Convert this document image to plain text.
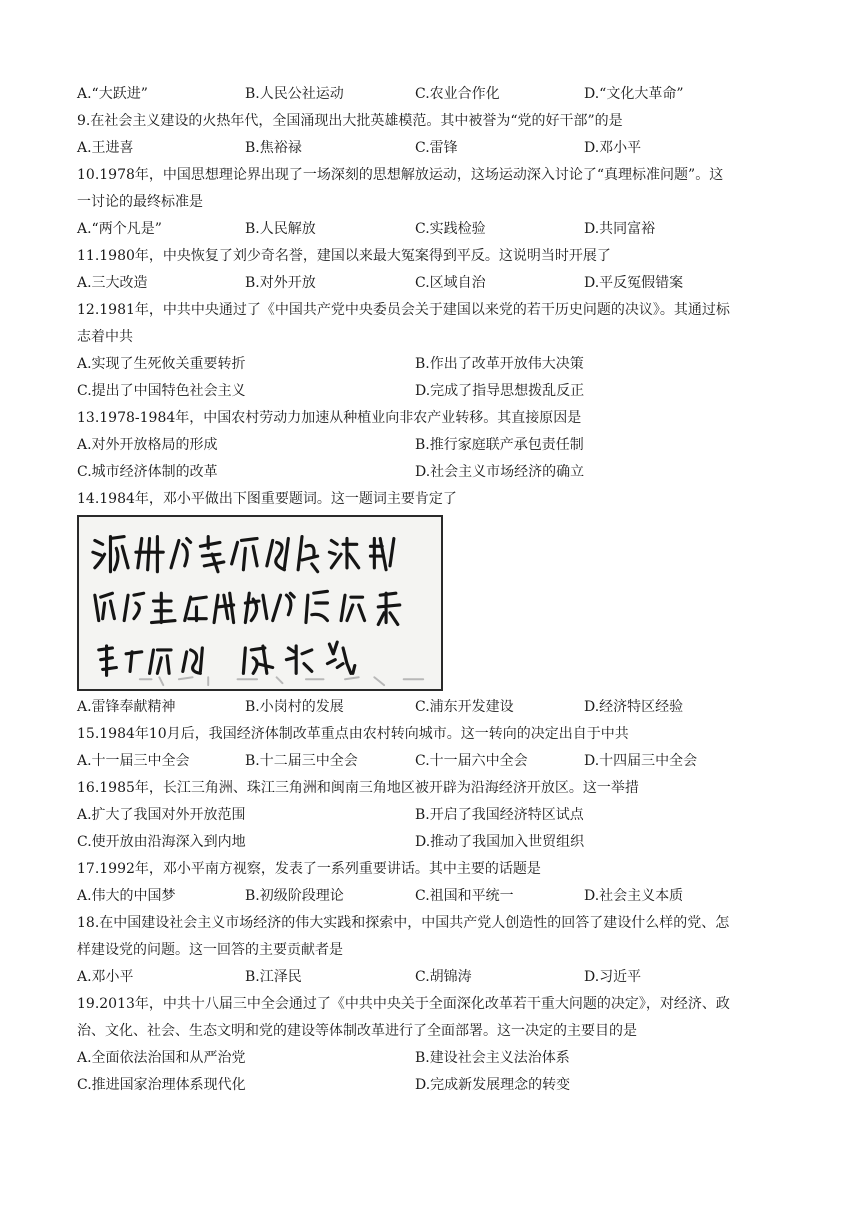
A.“大跃进”	B.人民公社运动	C.农业合作化	D.“文化大革命”
9.在社会主义建设的火热年代，全国涌现出大批英雄模范。其中被誉为“党的好干部”的是
A.王进喜	B.焦裕禄	C.雷锋	D.邓小平
10.1978年，中国思想理论界出现了一场深刻的思想解放运动，这场运动深入讨论了“真理标准问题”。这
一讨论的最终标准是
A.“两个凡是”	B.人民解放	C.实践检验	D.共同富裕
11.1980年，中央恢复了刘少奇名誉，建国以来最大冤案得到平反。这说明当时开展了
A.三大改造	B.对外开放	C.区域自治	D.平反冤假错案
12.1981年，中共中央通过了《中国共产党中央委员会关于建国以来党的若干历史问题的决议》。其通过标
志着中共
A.实现了生死攸关重要转折	B.作出了改革开放伟大决策
C.提出了中国特色社会主义	D.完成了指导思想拨乱反正
13.1978-1984年，中国农村劳动力加速从种植业向非农产业转移。其直接原因是
A.对外开放格局的形成	B.推行家庭联产承包责任制
C.城市经济体制的改革	D.社会主义市场经济的确立
14.1984年，邓小平做出下图重要题词。这一题词主要肯定了
A.雷锋奉献精神	B.小岗村的发展	C.浦东开发建设	D.经济特区经验
15.1984年10月后，我国经济体制改革重点由农村转向城市。这一转向的决定出自于中共
A.十一届三中全会	B.十二届三中全会	C.十一届六中全会	D.十四届三中全会
16.1985年，长江三角洲、珠江三角洲和闽南三角地区被开辟为沿海经济开放区。这一举措
A.扩大了我国对外开放范围	B.开启了我国经济特区试点
C.使开放由沿海深入到内地	D.推动了我国加入世贸组织
17.1992年，邓小平南方视察，发表了一系列重要讲话。其中主要的话题是
A.伟大的中国梦	B.初级阶段理论	C.祖国和平统一	D.社会主义本质
18.在中国建设社会主义市场经济的伟大实践和探索中，中国共产党人创造性的回答了建设什么样的党、怎
样建设党的问题。这一回答的主要贡献者是
A.邓小平	B.江泽民	C.胡锦涛	D.习近平
19.2013年，中共十八届三中全会通过了《中共中央关于全面深化改革若干重大问题的决定》，对经济、政
治、文化、社会、生态文明和党的建设等体制改革进行了全面部署。这一决定的主要目的是
A.全面依法治国和从严治党	B.建设社会主义法治体系
C.推进国家治理体系现代化	D.完成新发展理念的转变
